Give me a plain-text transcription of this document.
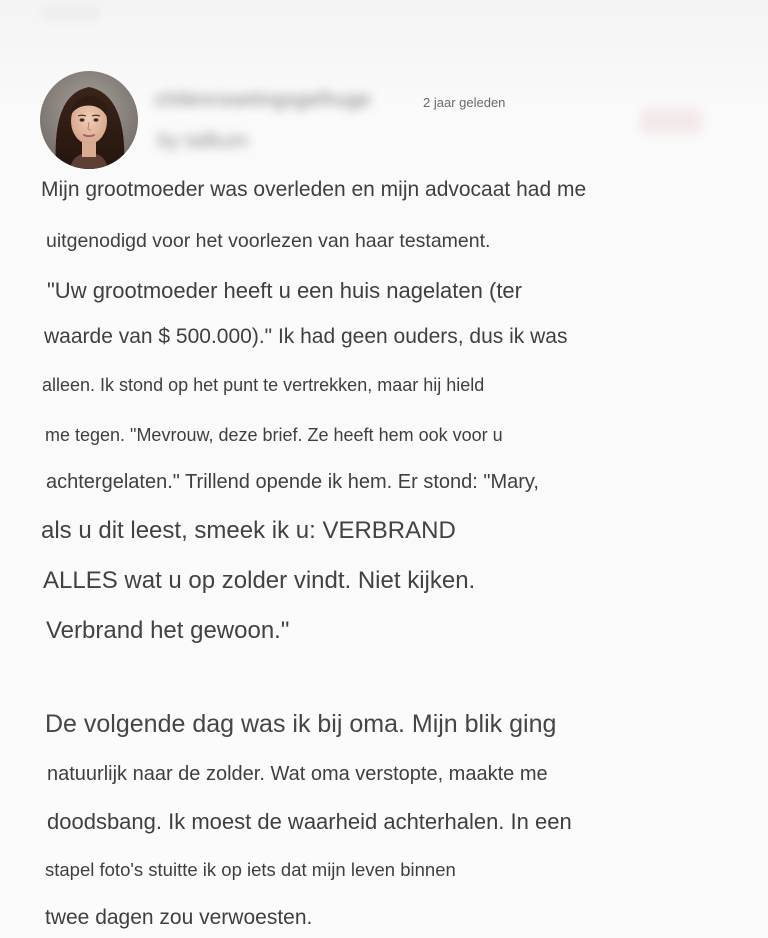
chilenrosetingsgelhuge
by tailkum
2 jaar geleden
Mijn grootmoeder was overleden en mijn advocaat had me
uitgenodigd voor het voorlezen van haar testament.
"Uw grootmoeder heeft u een huis nagelaten (ter
waarde van $ 500.000)." Ik had geen ouders, dus ik was
alleen. Ik stond op het punt te vertrekken, maar hij hield
me tegen. "Mevrouw, deze brief. Ze heeft hem ook voor u
achtergelaten." Trillend opende ik hem. Er stond: "Mary,
als u dit leest, smeek ik u: VERBRAND
ALLES wat u op zolder vindt. Niet kijken.
Verbrand het gewoon."
De volgende dag was ik bij oma. Mijn blik ging
natuurlijk naar de zolder. Wat oma verstopte, maakte me
doodsbang. Ik moest de waarheid achterhalen. In een
stapel foto's stuitte ik op iets dat mijn leven binnen
twee dagen zou verwoesten.
